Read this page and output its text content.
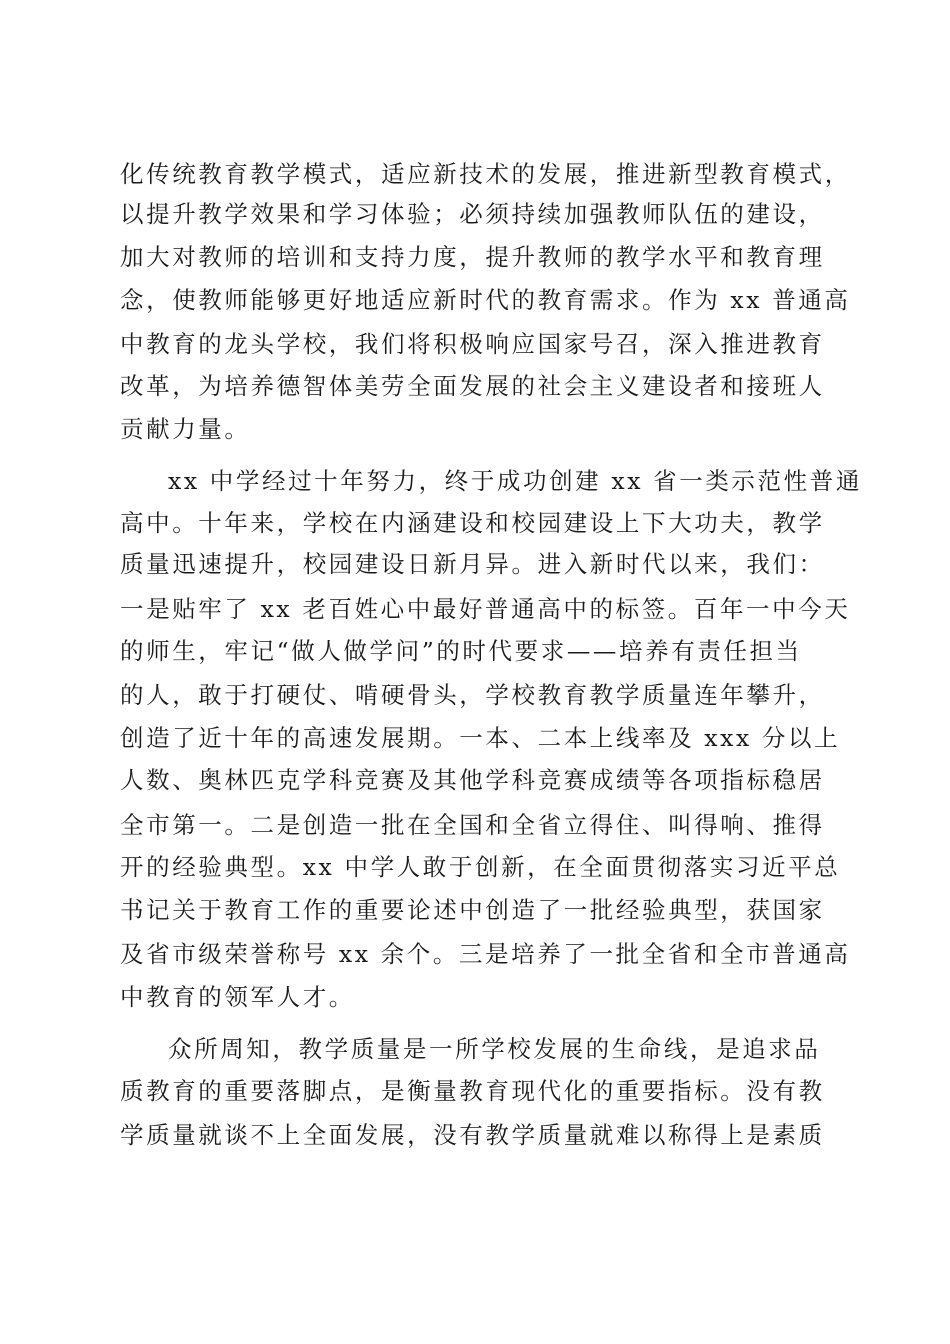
化传统教育教学模式，适应新技术的发展，推进新型教育模式，
以提升教学效果和学习体验；必须持续加强教师队伍的建设，
加大对教师的培训和支持力度，提升教师的教学水平和教育理
念，使教师能够更好地适应新时代的教育需求。作为 xx 普通高
中教育的龙头学校，我们将积极响应国家号召，深入推进教育
改革，为培养德智体美劳全面发展的社会主义建设者和接班人
贡献力量。
xx 中学经过十年努力，终于成功创建 xx 省一类示范性普通
高中。十年来，学校在内涵建设和校园建设上下大功夫，教学
质量迅速提升，校园建设日新月异。进入新时代以来，我们：
一是贴牢了 xx 老百姓心中最好普通高中的标签。百年一中今天
的师生，牢记“做人做学问”的时代要求——培养有责任担当
的人，敢于打硬仗、啃硬骨头，学校教育教学质量连年攀升，
创造了近十年的高速发展期。一本、二本上线率及 xxx 分以上
人数、奥林匹克学科竞赛及其他学科竞赛成绩等各项指标稳居
全市第一。二是创造一批在全国和全省立得住、叫得响、推得
开的经验典型。xx 中学人敢于创新，在全面贯彻落实习近平总
书记关于教育工作的重要论述中创造了一批经验典型，获国家
及省市级荣誉称号 xx 余个。三是培养了一批全省和全市普通高
中教育的领军人才。
众所周知，教学质量是一所学校发展的生命线，是追求品
质教育的重要落脚点，是衡量教育现代化的重要指标。没有教
学质量就谈不上全面发展，没有教学质量就难以称得上是素质
